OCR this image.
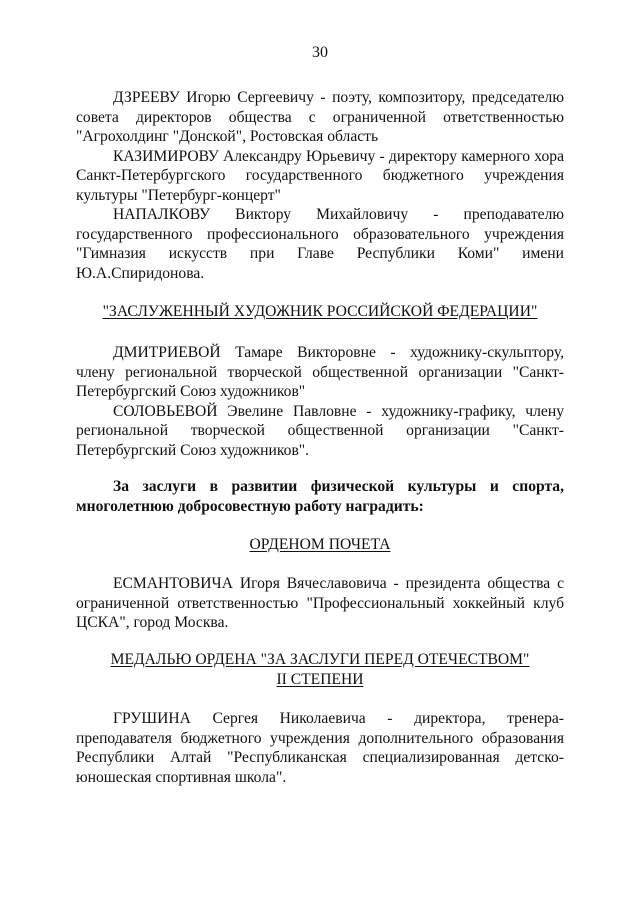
30

ДЗРЕЕВУ Игорю Сергеевичу - поэту, композитору, председателю совета директоров общества с ограниченной ответственностью "Агрохолдинг "Донской", Ростовская область

КАЗИМИРОВУ Александру Юрьевичу - директору камерного хора Санкт-Петербургского государственного бюджетного учреждения культуры "Петербург-концерт"

НАПАЛКОВУ Виктору Михайловичу - преподавателю государственного профессионального образовательного учреждения "Гимназия искусств при Главе Республики Коми" имени Ю.А.Спиридонова.

"ЗАСЛУЖЕННЫЙ ХУДОЖНИК РОССИЙСКОЙ ФЕДЕРАЦИИ"

ДМИТРИЕВОЙ Тамаре Викторовне - художнику-скульптору, члену региональной творческой общественной организации "Санкт-Петербургский Союз художников"

СОЛОВЬЕВОЙ Эвелине Павловне - художнику-графику, члену региональной творческой общественной организации "Санкт-Петербургский Союз художников".

За заслуги в развитии физической культуры и спорта, многолетнюю добросовестную работу наградить:

ОРДЕНОМ ПОЧЕТА

ЕСМАНТОВИЧА Игоря Вячеславовича - президента общества с ограниченной ответственностью "Профессиональный хоккейный клуб ЦСКА", город Москва.

МЕДАЛЬЮ ОРДЕНА "ЗА ЗАСЛУГИ ПЕРЕД ОТЕЧЕСТВОМ"
II СТЕПЕНИ

ГРУШИНА Сергея Николаевича - директора, тренера-преподавателя бюджетного учреждения дополнительного образования Республики Алтай "Республиканская специализированная детско-юношеская спортивная школа".
